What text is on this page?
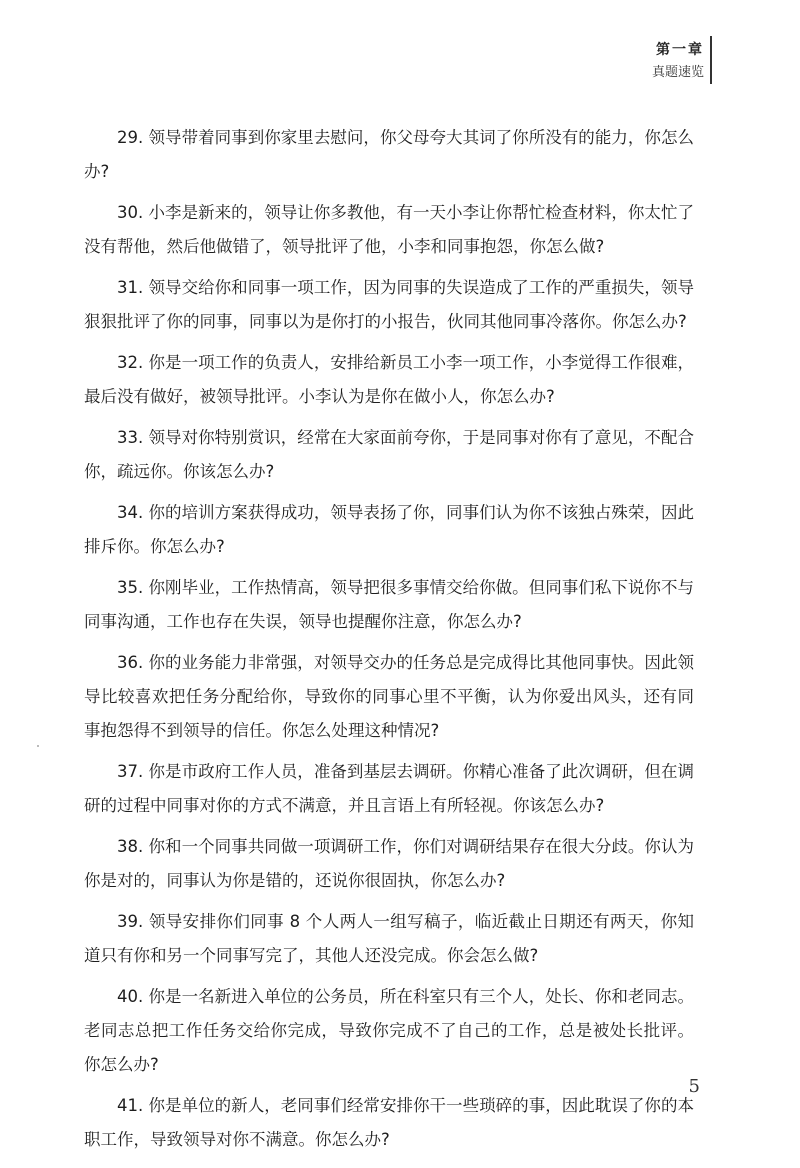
第一章
真题速览
29. 领导带着同事到你家里去慰问，你父母夸大其词了你所没有的能力，你怎么办?
30. 小李是新来的，领导让你多教他，有一天小李让你帮忙检查材料，你太忙了没有帮他，然后他做错了，领导批评了他，小李和同事抱怨，你怎么做?
31. 领导交给你和同事一项工作，因为同事的失误造成了工作的严重损失，领导狠狠批评了你的同事，同事以为是你打的小报告，伙同其他同事冷落你。你怎么办?
32. 你是一项工作的负责人，安排给新员工小李一项工作，小李觉得工作很难，最后没有做好，被领导批评。小李认为是你在做小人，你怎么办?
33. 领导对你特别赏识，经常在大家面前夸你，于是同事对你有了意见，不配合你，疏远你。你该怎么办?
34. 你的培训方案获得成功，领导表扬了你，同事们认为你不该独占殊荣，因此排斥你。你怎么办?
35. 你刚毕业，工作热情高，领导把很多事情交给你做。但同事们私下说你不与同事沟通，工作也存在失误，领导也提醒你注意，你怎么办?
36. 你的业务能力非常强，对领导交办的任务总是完成得比其他同事快。因此领导比较喜欢把任务分配给你，导致你的同事心里不平衡，认为你爱出风头，还有同事抱怨得不到领导的信任。你怎么处理这种情况?
37. 你是市政府工作人员，准备到基层去调研。你精心准备了此次调研，但在调研的过程中同事对你的方式不满意，并且言语上有所轻视。你该怎么办?
38. 你和一个同事共同做一项调研工作，你们对调研结果存在很大分歧。你认为你是对的，同事认为你是错的，还说你很固执，你怎么办?
39. 领导安排你们同事 8 个人两人一组写稿子，临近截止日期还有两天，你知道只有你和另一个同事写完了，其他人还没完成。你会怎么做?
40. 你是一名新进入单位的公务员，所在科室只有三个人，处长、你和老同志。老同志总把工作任务交给你完成，导致你完成不了自己的工作，总是被处长批评。你怎么办?
41. 你是单位的新人，老同事们经常安排你干一些琐碎的事，因此耽误了你的本职工作，导致领导对你不满意。你怎么办?
5
